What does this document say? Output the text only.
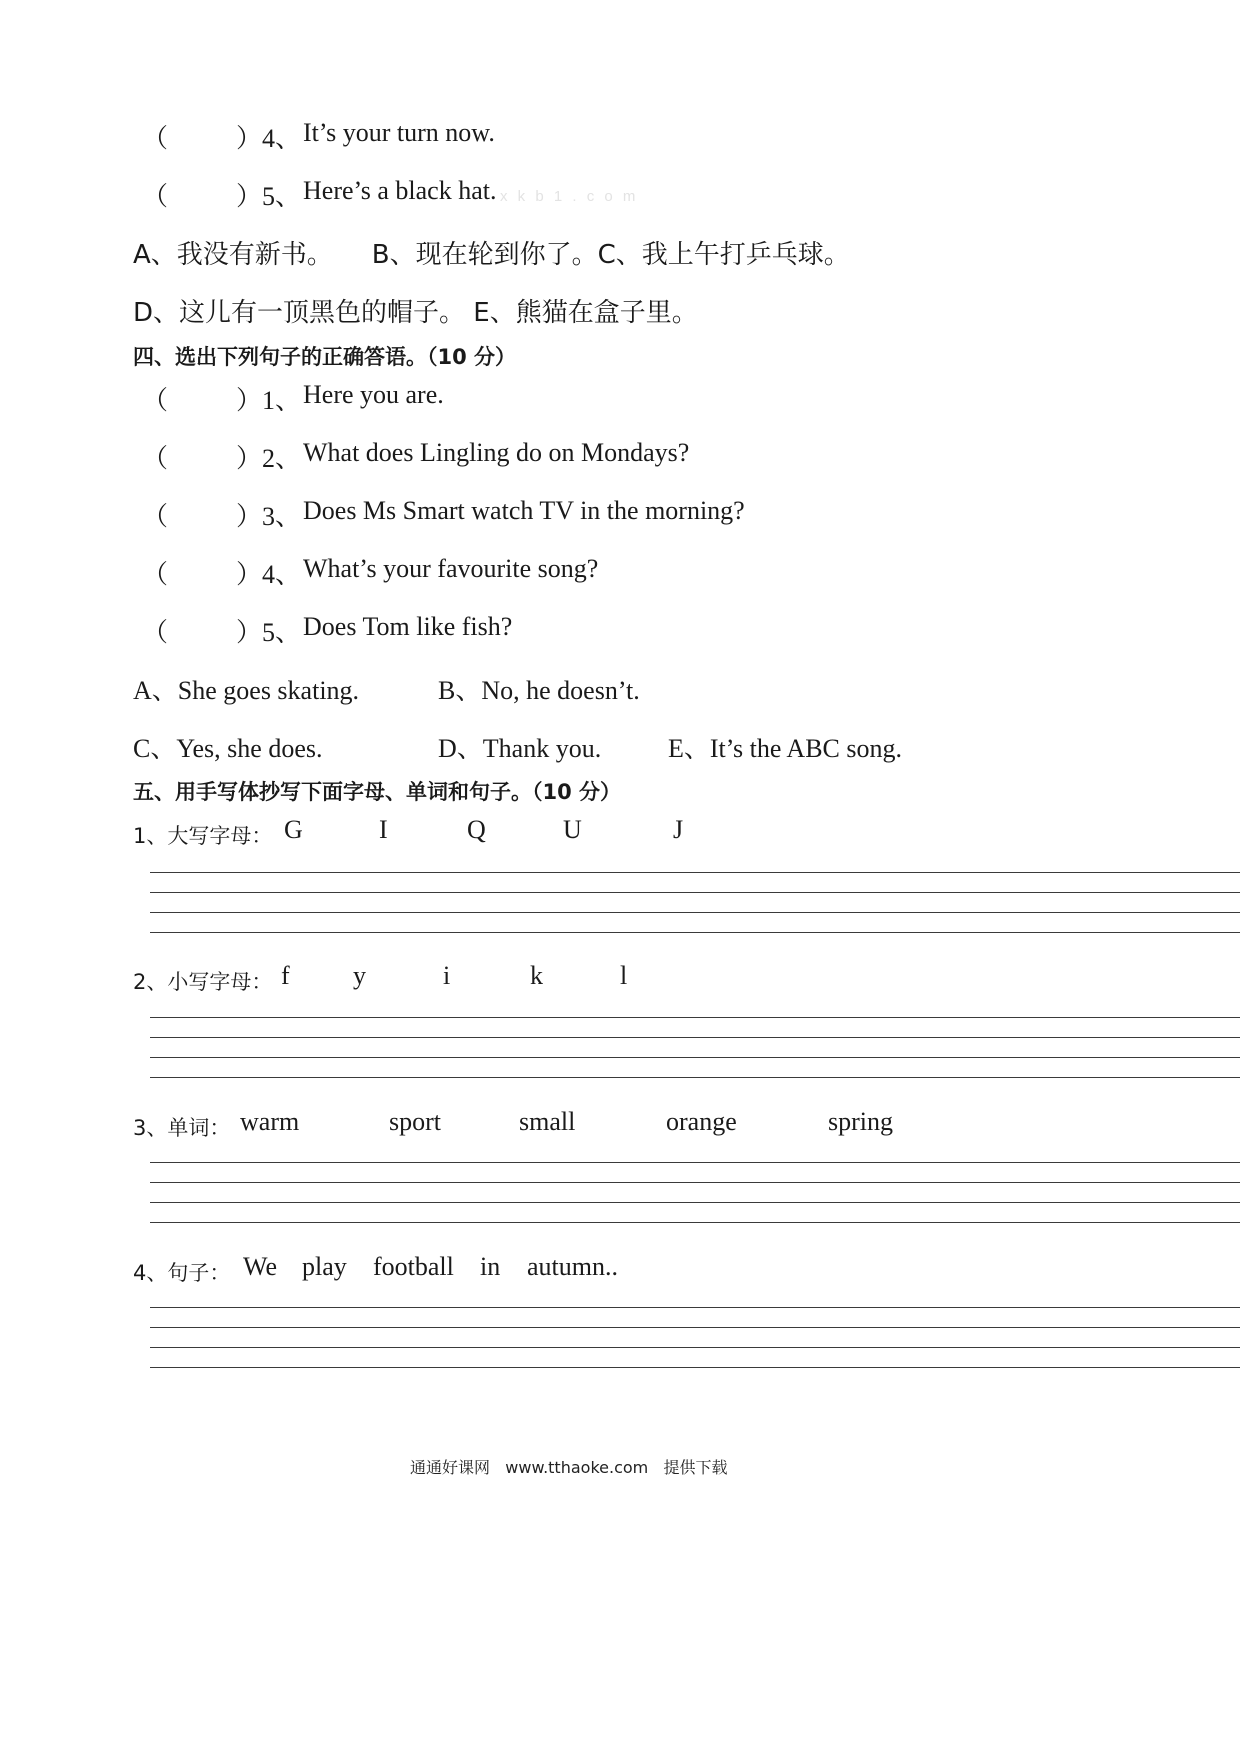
（	）4、 It’s your turn now.
（	）5、 Here’s a black hat. x k b 1 . c o m
A、我没有新书。　　B、现在轮到你了。C、我上午打乒乓球。
D、这儿有一顶黑色的帽子。 E、熊猫在盒子里。
四、选出下列句子的正确答语。（10 分）
（	）1、 Here you are.
（	）2、 What does Lingling do on Mondays?
（	）3、 Does Ms Smart watch TV in the morning?
（	）4、 What’s your favourite song?
（	）5、 Does Tom like fish?
A、She goes skating.	B、No, he doesn’t.
C、Yes, she does.	D、Thank you.	E、It’s the ABC song.
五、用手写体抄写下面字母、单词和句子。（10 分）
1、大写字母： G	I	Q	U	J
2、小写字母： f y	i	k	l
3、单词： warm	sport	small	orange	spring
4、句子： We play football in autumn..
通通好课网 www.tthaoke.com 提供下载
